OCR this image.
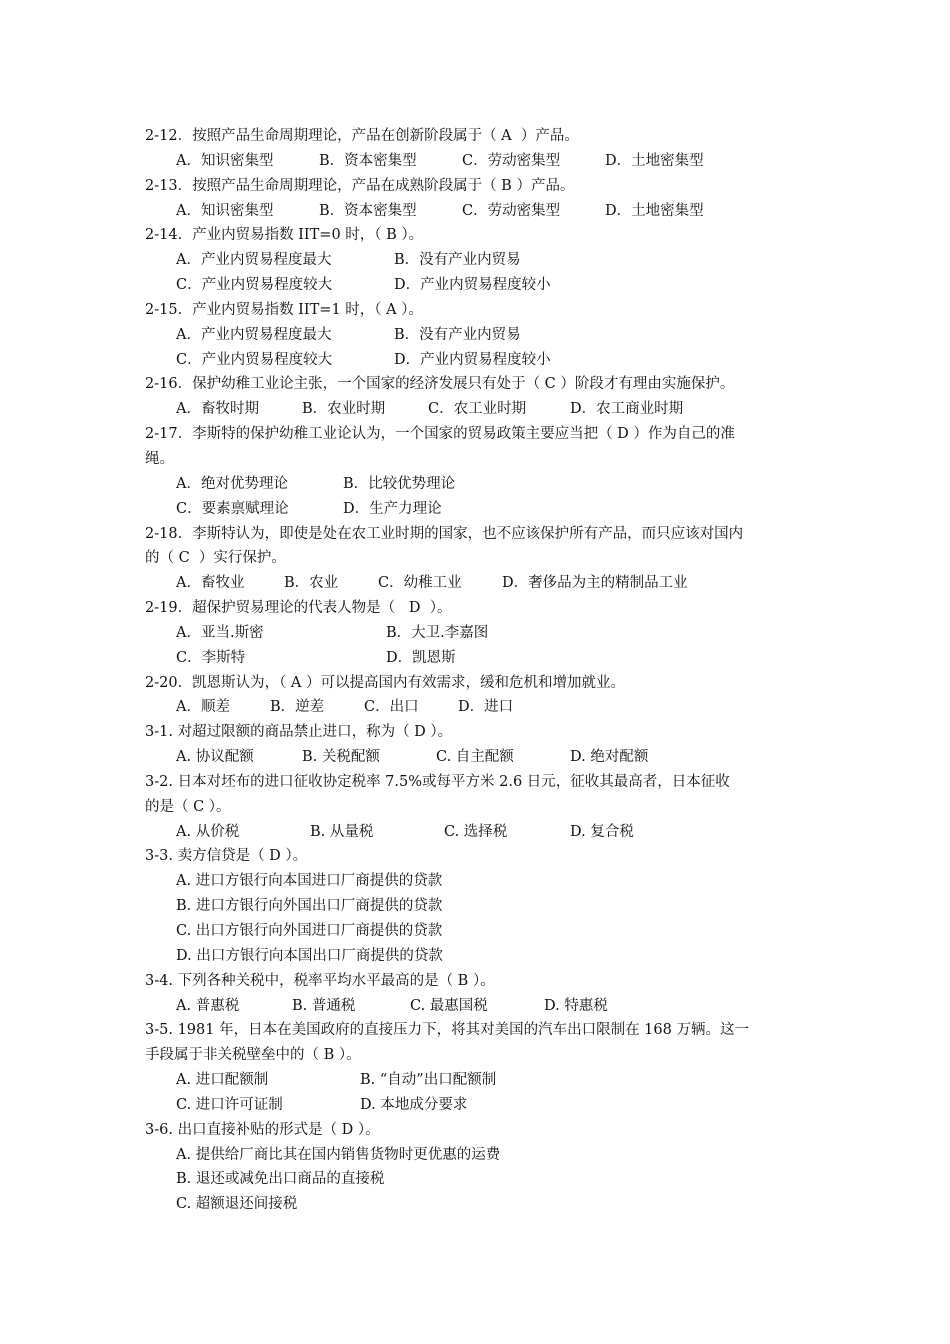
2-12．按照产品生命周期理论，产品在创新阶段属于（ A  ）产品。
A．知识密集型	B．资本密集型	C．劳动密集型	D．土地密集型
2-13．按照产品生命周期理论，产品在成熟阶段属于（ B ）产品。
A．知识密集型	B．资本密集型	C．劳动密集型	D．土地密集型
2-14．产业内贸易指数 IIT=0 时，（ B ）。
A．产业内贸易程度最大	B．没有产业内贸易
C．产业内贸易程度较大	D．产业内贸易程度较小
2-15．产业内贸易指数 IIT=1 时，（ A ）。
A．产业内贸易程度最大	B．没有产业内贸易
C．产业内贸易程度较大	D．产业内贸易程度较小
2-16．保护幼稚工业论主张，一个国家的经济发展只有处于（ C ）阶段才有理由实施保护。
A．畜牧时期	B．农业时期	C．农工业时期	D．农工商业时期
2-17．李斯特的保护幼稚工业论认为，一个国家的贸易政策主要应当把（ D ）作为自己的准
绳。
A．绝对优势理论	B．比较优势理论
C．要素禀赋理论	D．生产力理论
2-18．李斯特认为，即使是处在农工业时期的国家，也不应该保护所有产品，而只应该对国内
的（ C  ）实行保护。
A．畜牧业	B．农业	C．幼稚工业	D．奢侈品为主的精制品工业
2-19．超保护贸易理论的代表人物是（   D  ）。
A．亚当.斯密	B．大卫.李嘉图
C．李斯特	D．凯恩斯
2-20．凯恩斯认为，（ A ）可以提高国内有效需求，缓和危机和增加就业。
A．顺差	B．逆差	C．出口	D．进口
3-1. 对超过限额的商品禁止进口，称为（ D ）。
A. 协议配额	B. 关税配额	C. 自主配额	D. 绝对配额
3-2. 日本对坯布的进口征收协定税率 7.5%或每平方米 2.6 日元，征收其最高者，日本征收
的是（ C ）。
A. 从价税	B. 从量税	C. 选择税	D. 复合税
3-3. 卖方信贷是（ D ）。
A. 进口方银行向本国进口厂商提供的贷款
B. 进口方银行向外国出口厂商提供的贷款
C. 出口方银行向外国进口厂商提供的贷款
D. 出口方银行向本国出口厂商提供的贷款
3-4. 下列各种关税中，税率平均水平最高的是（ B ）。
A. 普惠税	B. 普通税	C. 最惠国税	D. 特惠税
3-5. 1981 年，日本在美国政府的直接压力下，将其对美国的汽车出口限制在 168 万辆。这一
手段属于非关税壁垒中的（ B ）。
A. 进口配额制	B. “自动”出口配额制
C. 进口许可证制	D. 本地成分要求
3-6. 出口直接补贴的形式是（ D ）。
A. 提供给厂商比其在国内销售货物时更优惠的运费
B. 退还或减免出口商品的直接税
C. 超额退还间接税
